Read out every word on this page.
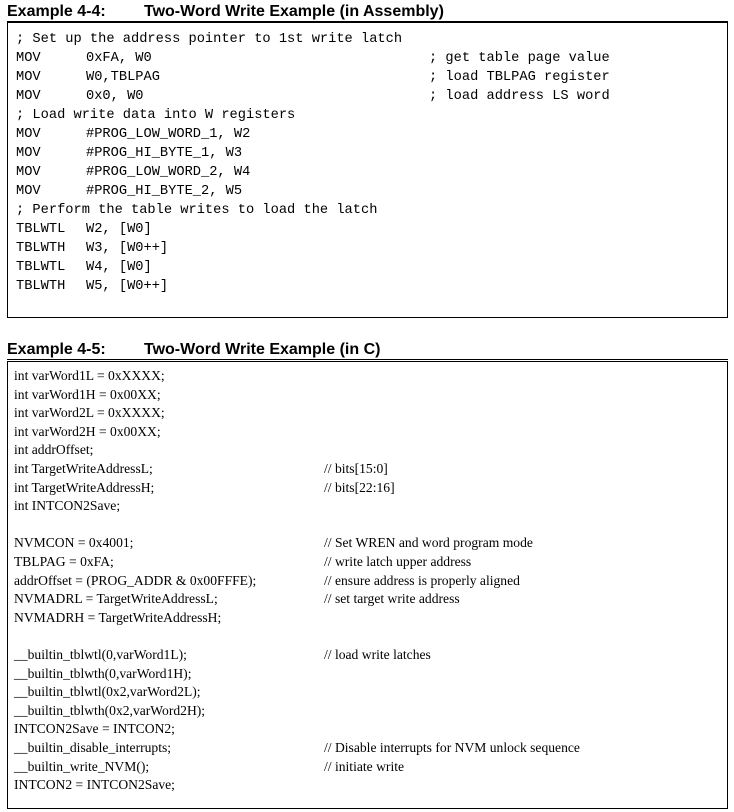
Example 4-4: Two-Word Write Example (in Assembly)
; Set up the address pointer to 1st write latch
MOV	0xFA, W0	; get table page value
MOV	W0,TBLPAG	; load TBLPAG register
MOV	0x0, W0	; load address LS word
; Load write data into W registers
MOV	#PROG_LOW_WORD_1, W2
MOV	#PROG_HI_BYTE_1, W3
MOV	#PROG_LOW_WORD_2, W4
MOV	#PROG_HI_BYTE_2, W5
; Perform the table writes to load the latch
TBLWTL W2, [W0]
TBLWTH W3, [W0++]
TBLWTL W4, [W0]
TBLWTH W5, [W0++]
Example 4-5: Two-Word Write Example (in C)
int varWord1L = 0xXXXX;
int varWord1H = 0x00XX;
int varWord2L = 0xXXXX;
int varWord2H = 0x00XX;
int addrOffset;
int TargetWriteAddressL;	// bits[15:0]
int TargetWriteAddressH;	// bits[22:16]
int INTCON2Save;
NVMCON = 0x4001;	// Set WREN and word program mode
TBLPAG = 0xFA;	// write latch upper address
addrOffset = (PROG_ADDR & 0x00FFFE);	// ensure address is properly aligned
NVMADRL = TargetWriteAddressL;	// set target write address
NVMADRH = TargetWriteAddressH;
__builtin_tblwtl(0,varWord1L);	// load write latches
__builtin_tblwth(0,varWord1H);
__builtin_tblwtl(0x2,varWord2L);
__builtin_tblwth(0x2,varWord2H);
INTCON2Save = INTCON2;
__builtin_disable_interrupts;	// Disable interrupts for NVM unlock sequence
__builtin_write_NVM();	// initiate write
INTCON2 = INTCON2Save;
